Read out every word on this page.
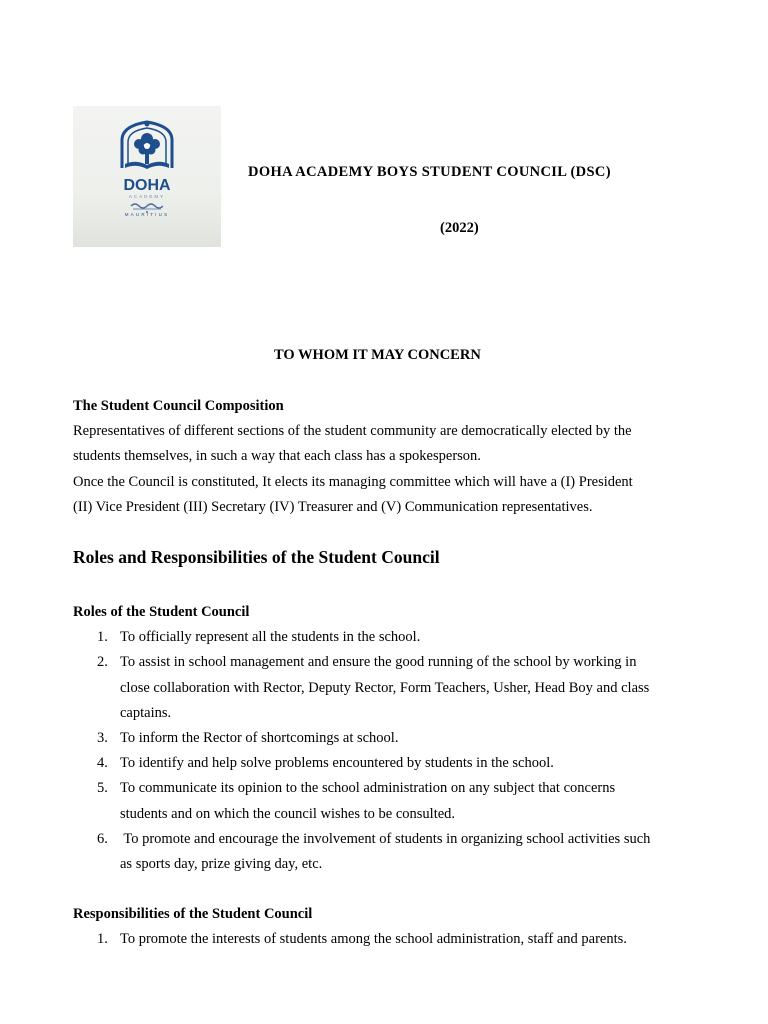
DOHA
ACADEMY
MAURITIUS
DOHA ACADEMY BOYS STUDENT COUNCIL (DSC)
(2022)
TO WHOM IT MAY CONCERN

The Student Council Composition

Representatives of different sections of the student community are democratically elected by the

students themselves, in such a way that each class has a spokesperson.

Once the Council is constituted, It elects its managing committee which will have a (I) President

(II) Vice President (III) Secretary (IV) Treasurer and (V) Communication representatives.

Roles and Responsibilities of the Student Council

Roles of the Student Council

1. To officially represent all the students in the school.
2. To assist in school management and ensure the good running of the school by working in
close collaboration with Rector, Deputy Rector, Form Teachers, Usher, Head Boy and class
captains.
3. To inform the Rector of shortcomings at school.
4. To identify and help solve problems encountered by students in the school.
5. To communicate its opinion to the school administration on any subject that concerns
students and on which the council wishes to be consulted.
6. To promote and encourage the involvement of students in organizing school activities such
as sports day, prize giving day, etc.

Responsibilities of the Student Council

1. To promote the interests of students among the school administration, staff and parents.
